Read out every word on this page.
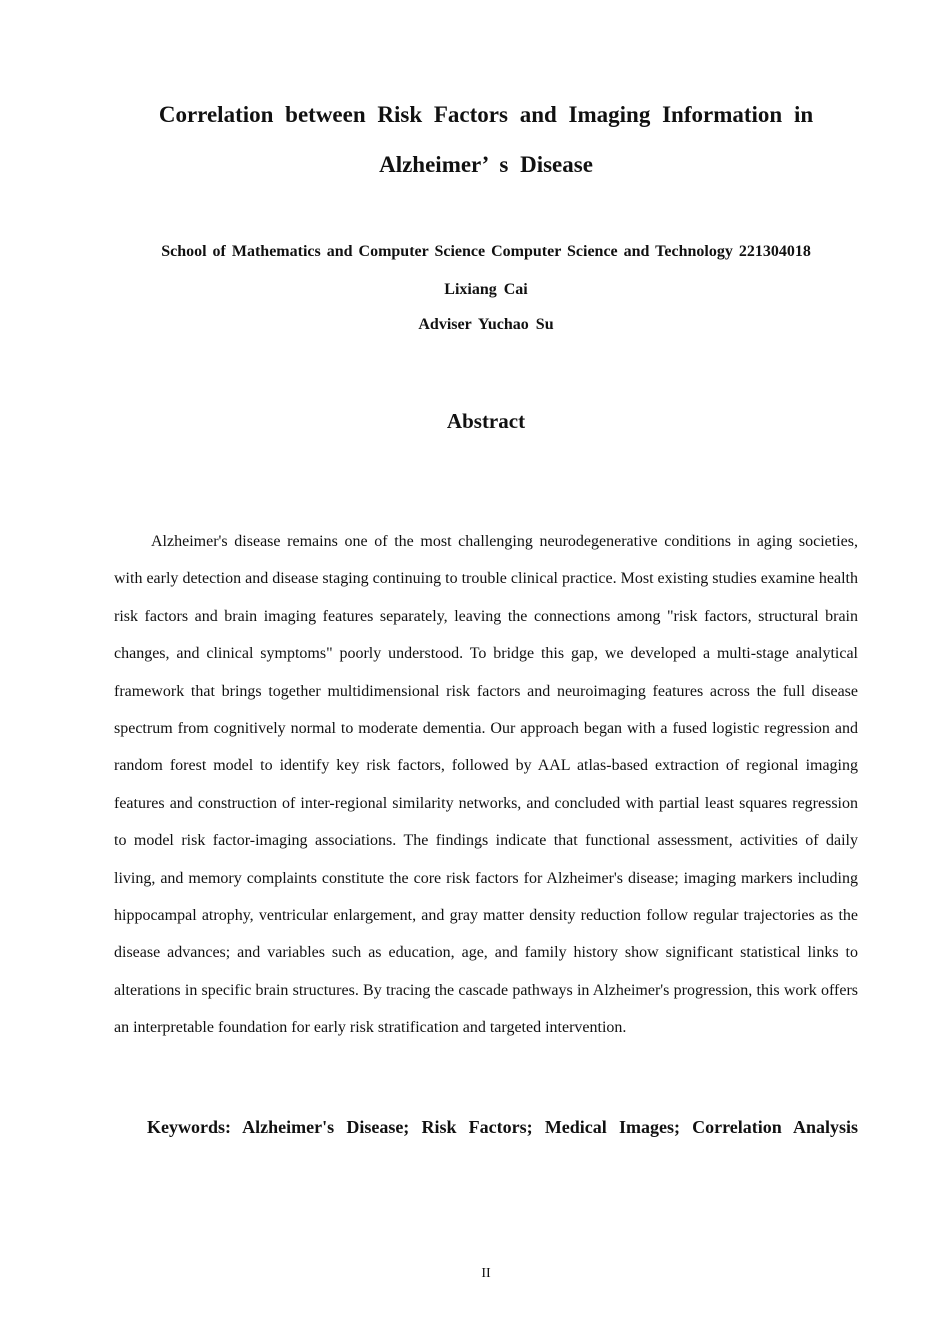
Correlation between Risk Factors and Imaging Information in
Alzheimer’ s Disease
School of Mathematics and Computer Science Computer Science and Technology 221304018
Lixiang Cai
Adviser Yuchao Su
Abstract

Alzheimer's disease remains one of the most challenging neurodegenerative conditions in aging societies, with early detection and disease staging continuing to trouble clinical practice. Most existing studies examine health risk factors and brain imaging features separately, leaving the connections among "risk factors, structural brain changes, and clinical symptoms" poorly understood. To bridge this gap, we developed a multi-stage analytical framework that brings together multidimensional risk factors and neuroimaging features across the full disease spectrum from cognitively normal to moderate dementia. Our approach began with a fused logistic regression and random forest model to identify key risk factors, followed by AAL atlas-based extraction of regional imaging features and construction of inter-regional similarity networks, and concluded with partial least squares regression to model risk factor-imaging associations. The findings indicate that functional assessment, activities of daily living, and memory complaints constitute the core risk factors for Alzheimer's disease; imaging markers including hippocampal atrophy, ventricular enlargement, and gray matter density reduction follow regular trajectories as the disease advances; and variables such as education, age, and family history show significant statistical links to alterations in specific brain structures. By tracing the cascade pathways in Alzheimer's progression, this work offers an interpretable foundation for early risk stratification and targeted intervention.

Keywords: Alzheimer's Disease; Risk Factors; Medical Images; Correlation Analysis
II
